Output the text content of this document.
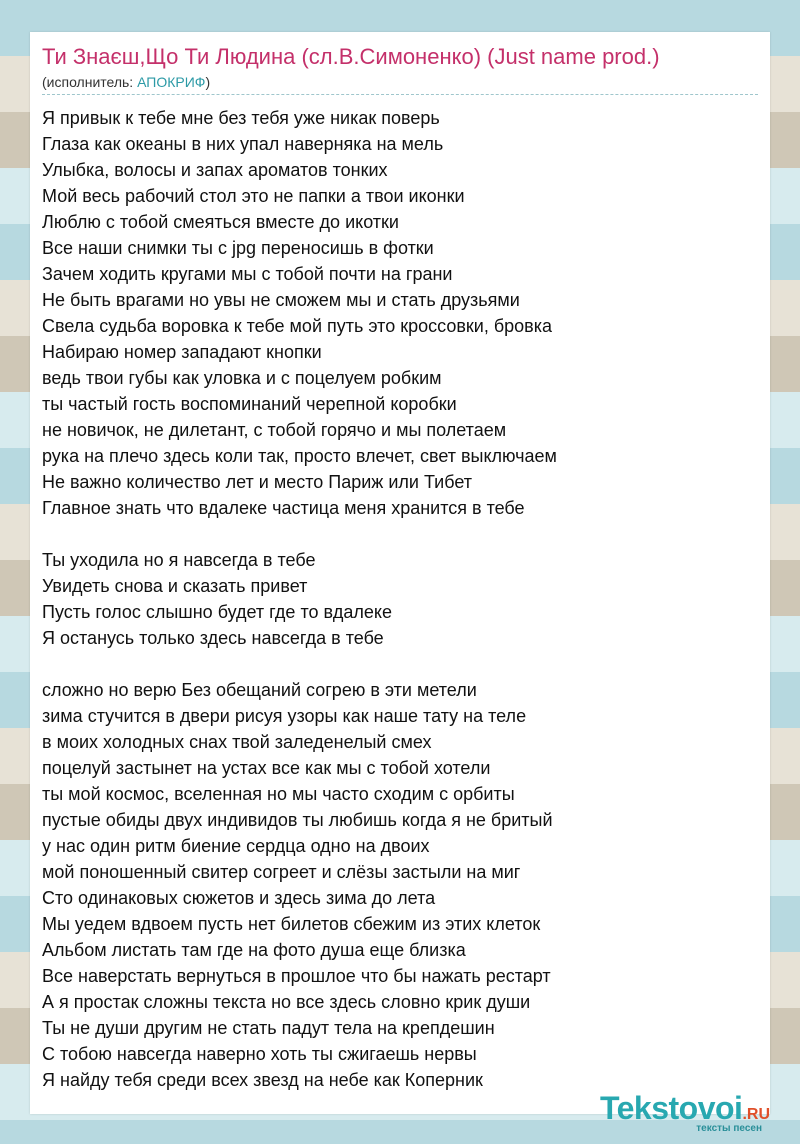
Ти Знаєш,Що Ти Людина (сл.В.Симоненко) (Just name prod.)
(исполнитель: АПОКРИФ)
Я привык к тебе мне без тебя уже никак поверь
Глаза как океаны в них упал наверняка на мель
Улыбка, волосы и запах ароматов тонких
Мой весь рабочий стол это не папки а твои иконки
Люблю с тобой смеяться вместе до икотки
Все наши снимки ты с jpg переносишь в фотки
Зачем ходить кругами мы с тобой почти на грани
Не быть врагами но увы не сможем мы и стать друзьями
Свела судьба воровка к тебе мой путь это кроссовки, бровка
Набираю номер западают кнопки
ведь твои губы как уловка и с поцелуем робким
ты частый гость воспоминаний черепной коробки
не новичок, не дилетант, с тобой горячо и мы полетаем
рука на плечо здесь коли так, просто влечет, свет выключаем
Не важно количество лет и место Париж или Тибет
Главное знать что вдалеке частица меня хранится в тебе
Ты уходила но я навсегда в тебе
Увидеть снова и сказать привет
Пусть голос слышно будет где то вдалеке
Я останусь только здесь навсегда в тебе
сложно но верю Без обещаний согрею в эти метели
зима стучится в двери рисуя узоры как наше тату на теле
в моих холодных снах твой заледенелый смех
поцелуй застынет на устах все как мы с тобой хотели
ты мой космос, вселенная но мы часто сходим с орбиты
пустые обиды двух индивидов ты любишь когда я не бритый
у нас один ритм биение сердца одно на двоих
мой поношенный свитер согреет и слёзы застыли на миг
Сто одинаковых сюжетов и здесь зима до лета
Мы уедем вдвоем пусть нет билетов сбежим из этих клеток
Альбом листать там где на фото душа еще близка
Все наверстать вернуться в прошлое что бы нажать рестарт
А я простак сложны текста но все здесь словно крик души
Ты не души другим не стать падут тела на крепдешин
С тобою навсегда наверно хоть ты сжигаешь нервы
Я найду тебя среди всех звезд на небе как Коперник
Tekstovoi.RU
тексты песен
